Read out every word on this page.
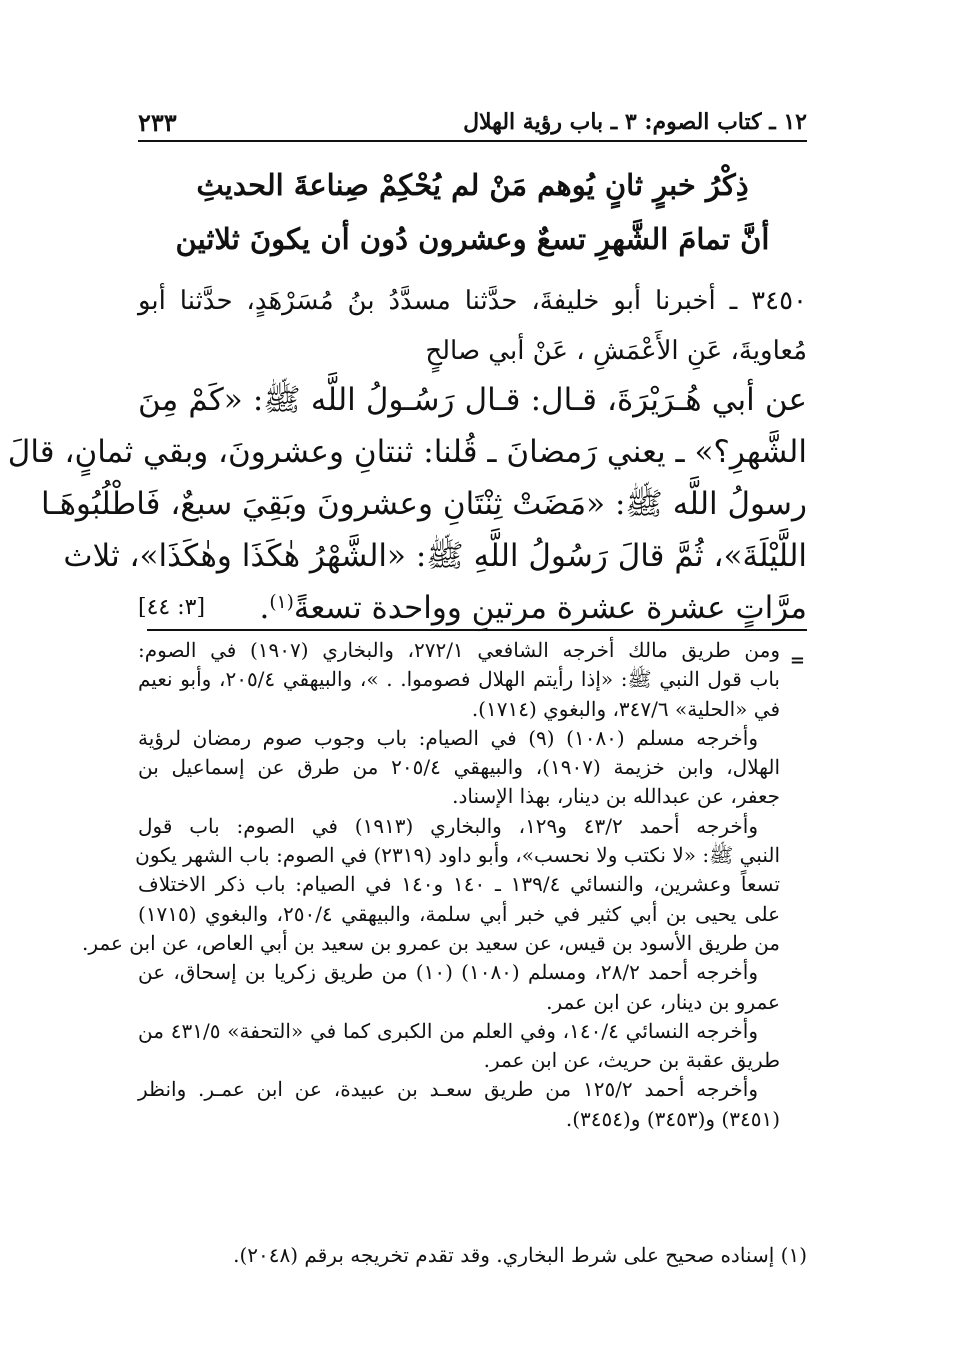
١٢ ـ كتاب الصوم: ٣ ـ باب رؤية الهلال
٢٣٣
ذِكْرُ خبرٍ ثانٍ يُوهم مَنْ لم يُحْكِمْ صِناعةَ الحديثِ
أنَّ تمامَ الشَّهرِ تسعٌ وعشرون دُون أن يكونَ ثلاثين
٣٤٥٠ ـ أخبرنا أبو خليفةَ، حدَّثنا مسدَّدُ بنُ مُسَرْهَدٍ، حدَّثنا أبو
مُعاويةَ، عَنِ الأَعْمَشِ ، عَنْ أبي صالحٍ
عن أبي هُـرَيْرَةَ، قـال: قـال رَسُـولُ اللَّه ﷺ: «كَمْ مِنَ
الشَّهرِ؟» ـ يعني رَمضانَ ـ قُلنا: ثنتانِ وعشرونَ، وبقي ثمانٍ، قالَ
رسولُ اللَّه ﷺ: «مَضَتْ ثِنْتَانِ وعشرونَ وبَقِيَ سبعٌ، فَاطْلُبُوهَـا
اللَّيْلَةَ»، ثُمَّ قالَ رَسُولُ اللَّهِ ﷺ: «الشَّهْرُ هٰكَذَا وهٰكَذَا»، ثلاث
مرَّاتٍ عشرة عشرة مرتينِ وواحدة تسعةً$^{(١)}$.
[٣: ٤٤]
=
ومن طريق مالك أخرجه الشافعي ٢٧٢/١، والبخاري (١٩٠٧) في الصوم:
باب قول النبي ﷺ: «إذا رأيتم الهلال فصوموا. . »، والبيهقي ٢٠٥/٤، وأبو نعيم
في «الحلية» ٣٤٧/٦، والبغوي (١٧١٤).
وأخرجه مسلم (١٠٨٠) (٩) في الصيام: باب وجوب صوم رمضان لرؤية
الهلال، وابن خزيمة (١٩٠٧)، والبيهقي ٢٠٥/٤ من طرق عن إسماعيل بن
جعفر، عن عبدالله بن دينار، بهذا الإسناد.
وأخرجه أحمد ٤٣/٢ و١٢٩، والبخاري (١٩١٣) في الصوم: باب قول
النبي ﷺ: «لا نكتب ولا نحسب»، وأبو داود (٢٣١٩) في الصوم: باب الشهر يكون
تسعاً وعشرين، والنسائي ١٣٩/٤ ـ ١٤٠ و١٤٠ في الصيام: باب ذكر الاختلاف
على يحيى بن أبي كثير في خبر أبي سلمة، والبيهقي ٢٥٠/٤، والبغوي (١٧١٥)
من طريق الأسود بن قيس، عن سعيد بن عمرو بن سعيد بن أبي العاص، عن ابن عمر.
وأخرجه أحمد ٢٨/٢، ومسلم (١٠٨٠) (١٠) من طريق زكريا بن إسحاق، عن
عمرو بن دينار، عن ابن عمر.
وأخرجه النسائي ١٤٠/٤، وفي العلم من الكبرى كما في «التحفة» ٤٣١/٥ من
طريق عقبة بن حريث، عن ابن عمر.
وأخرجه أحمد ١٢٥/٢ من طريق سعـد بن عبيدة، عن ابن عمـر. وانظر
(٣٤٥١) و(٣٤٥٣) و(٣٤٥٤).
(١) إسناده صحيح على شرط البخاري. وقد تقدم تخريجه برقم (٢٠٤٨).
